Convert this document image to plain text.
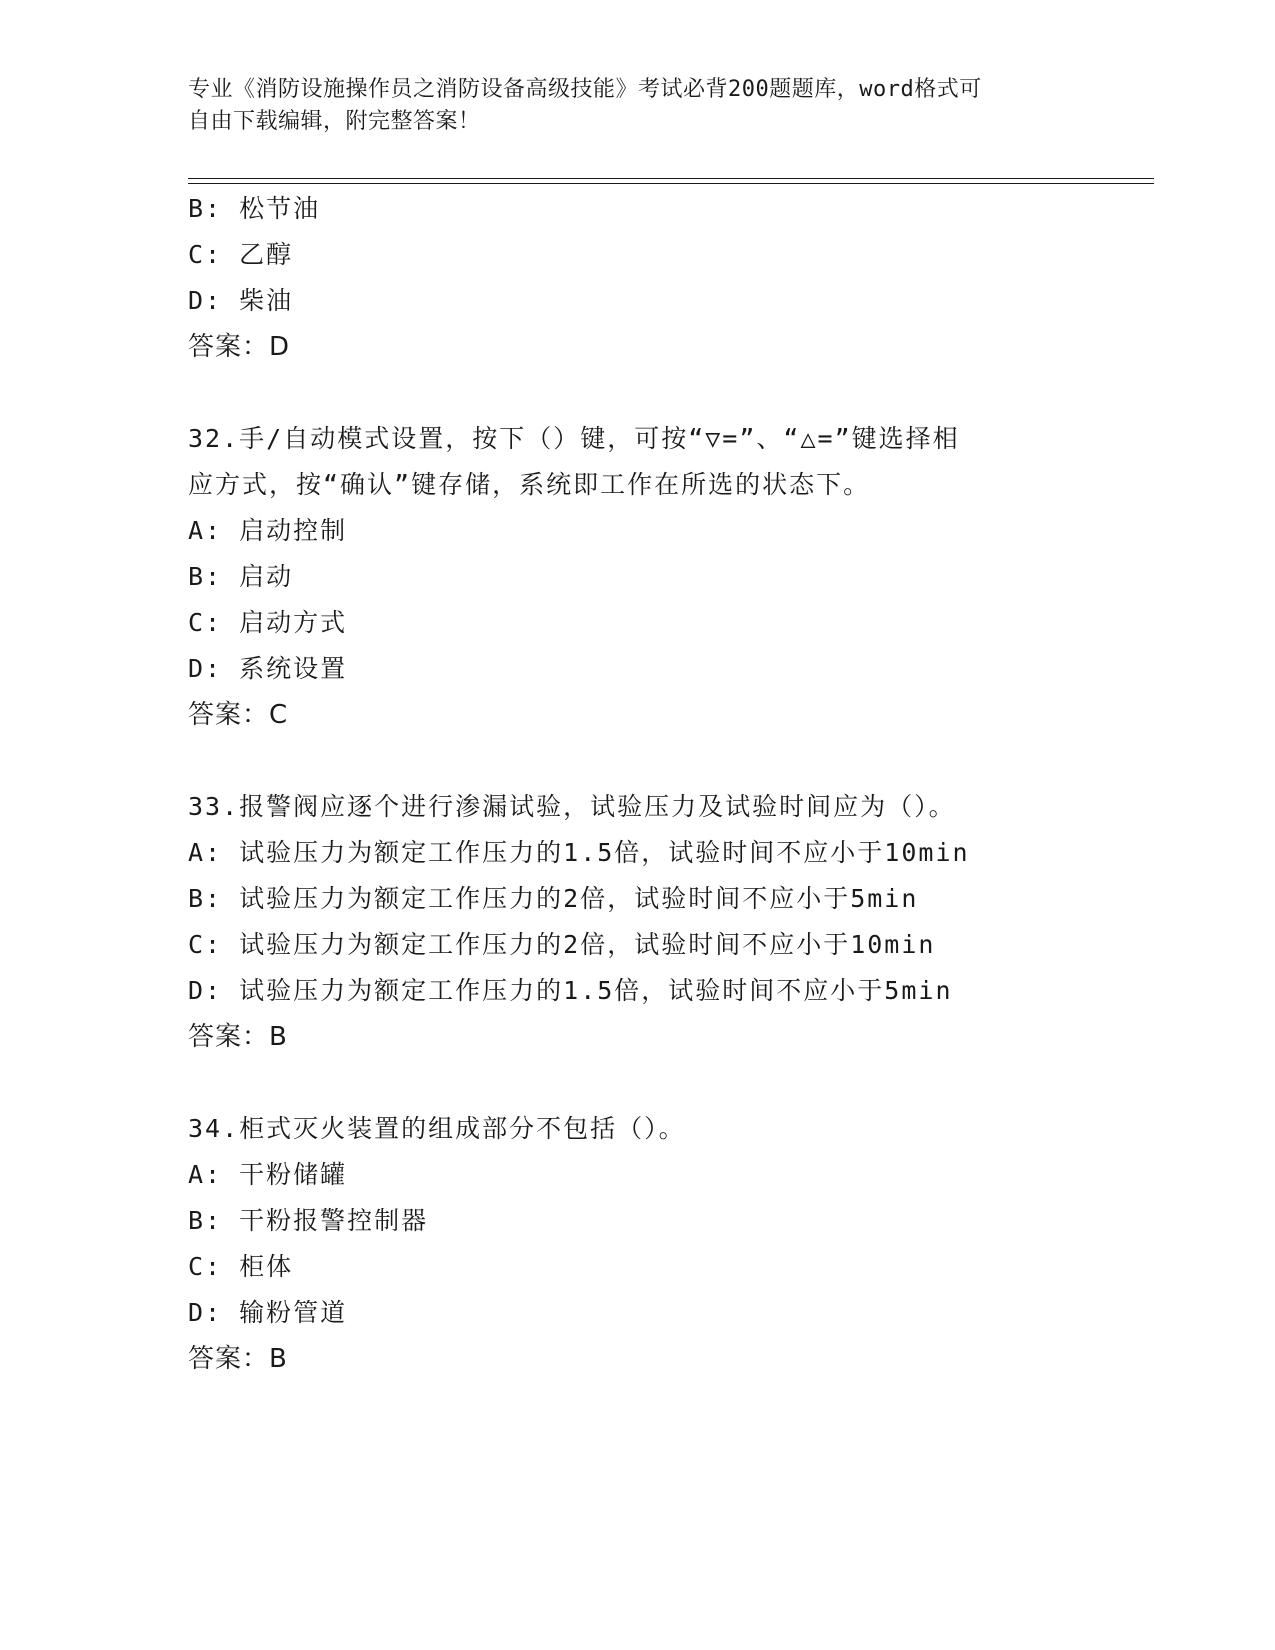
专业《消防设施操作员之消防设备高级技能》考试必背200题题库，word格式可
自由下载编辑，附完整答案！
B: 松节油
C: 乙醇
D: 柴油
答案：D
32.手/自动模式设置，按下（）键，可按“▽=”、“△=”键选择相
应方式，按“确认”键存储，系统即工作在所选的状态下。
A: 启动控制
B: 启动
C: 启动方式
D: 系统设置
答案：C
33.报警阀应逐个进行渗漏试验，试验压力及试验时间应为（）。
A: 试验压力为额定工作压力的1.5倍，试验时间不应小于10min
B: 试验压力为额定工作压力的2倍，试验时间不应小于5min
C: 试验压力为额定工作压力的2倍，试验时间不应小于10min
D: 试验压力为额定工作压力的1.5倍，试验时间不应小于5min
答案：B
34.柜式灭火装置的组成部分不包括（）。
A: 干粉储罐
B: 干粉报警控制器
C: 柜体
D: 输粉管道
答案：B
